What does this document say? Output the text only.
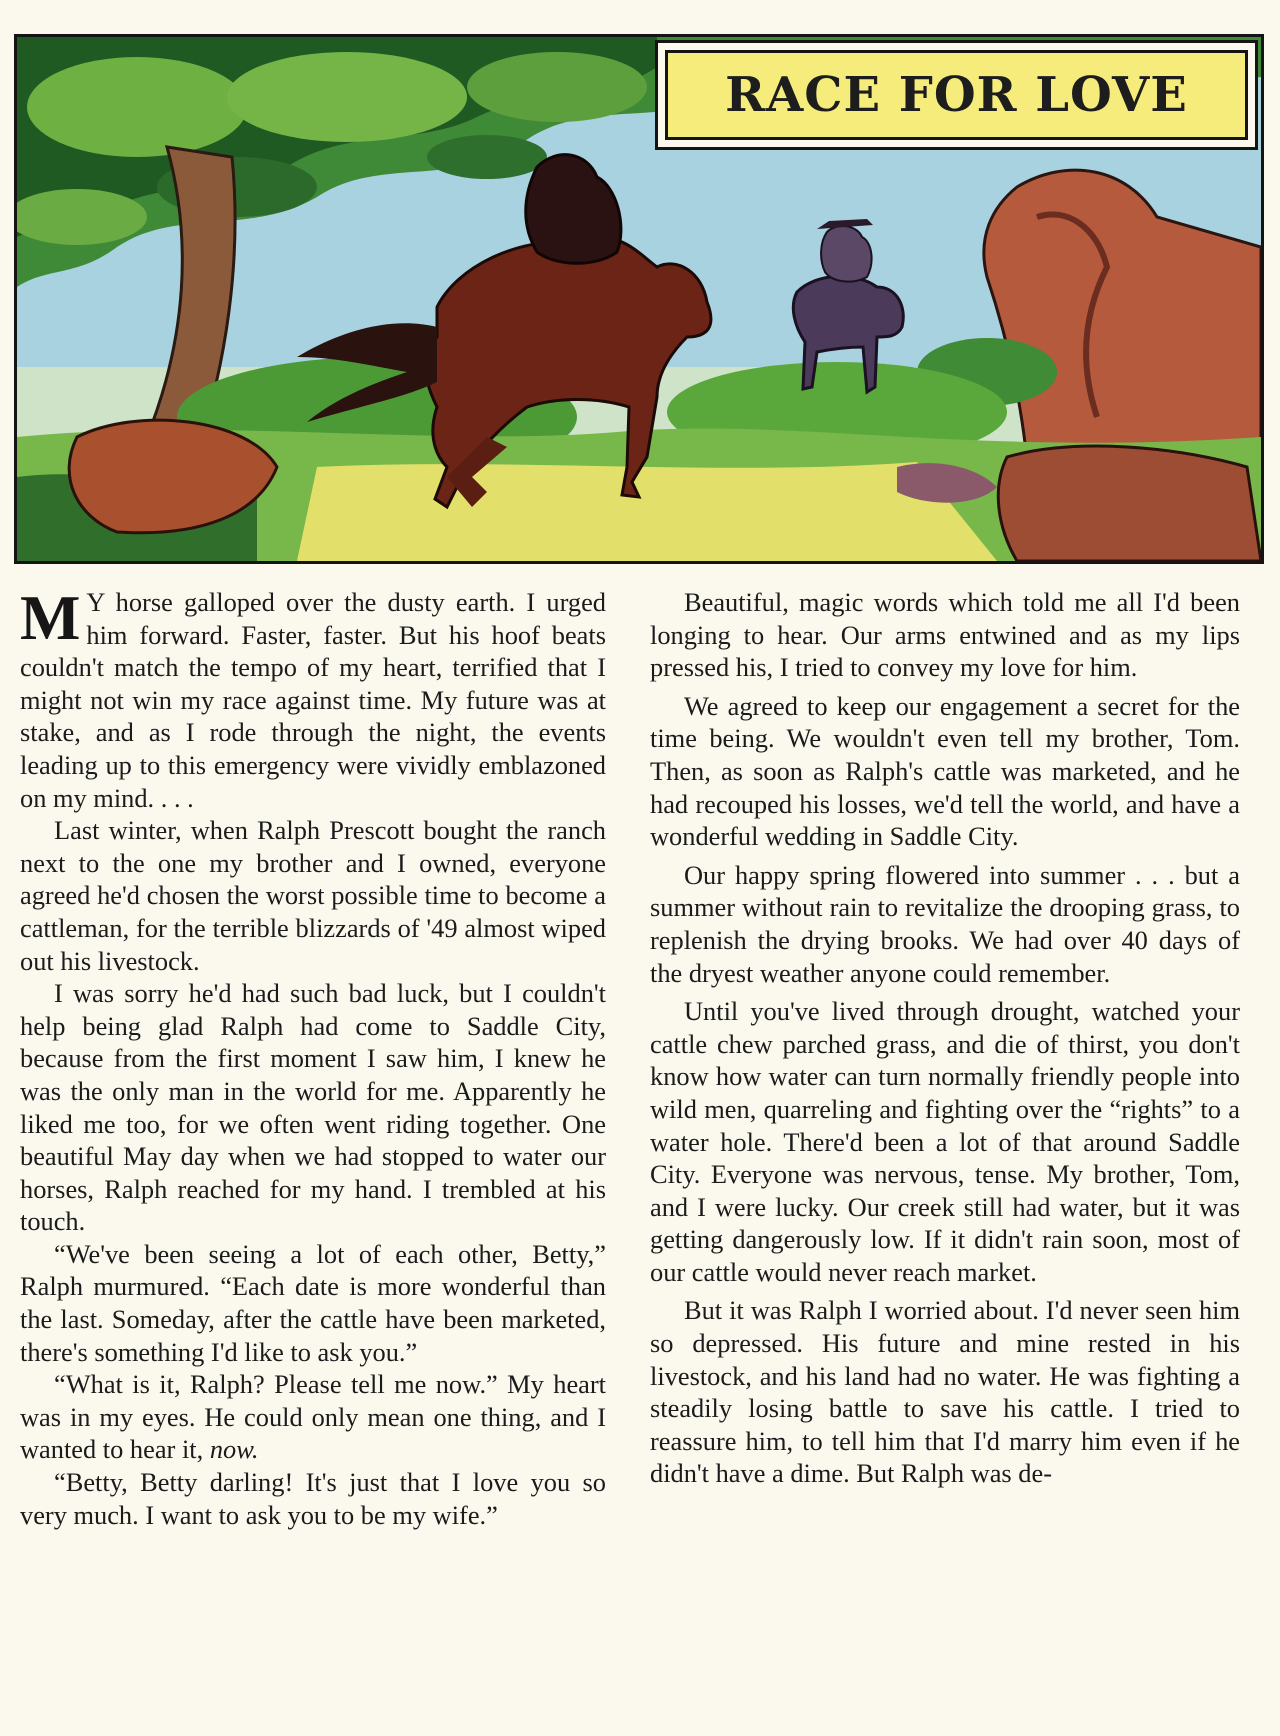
RACE FOR LOVE

M Y horse galloped over the dusty earth. I urged him forward. Faster, faster. But his hoof beats couldn't match the tempo of my heart, terrified that I might not win my race against time. My future was at stake, and as I rode through the night, the events leading up to this emergency were vividly emblazoned on my mind. . . .

Last winter, when Ralph Prescott bought the ranch next to the one my brother and I owned, everyone agreed he'd chosen the worst possible time to become a cattleman, for the terrible blizzards of '49 almost wiped out his livestock.

I was sorry he'd had such bad luck, but I couldn't help being glad Ralph had come to Saddle City, because from the first moment I saw him, I knew he was the only man in the world for me. Apparently he liked me too, for we often went riding together. One beautiful May day when we had stopped to water our horses, Ralph reached for my hand. I trembled at his touch.

“We've been seeing a lot of each other, Betty,” Ralph murmured. “Each date is more wonderful than the last. Someday, after the cattle have been marketed, there's something I'd like to ask you.”

“What is it, Ralph? Please tell me now.” My heart was in my eyes. He could only mean one thing, and I wanted to hear it, now.

“Betty, Betty darling! It's just that I love you so very much. I want to ask you to be my wife.”

Beautiful, magic words which told me all I'd been longing to hear. Our arms entwined and as my lips pressed his, I tried to convey my love for him.

We agreed to keep our engagement a secret for the time being. We wouldn't even tell my brother, Tom. Then, as soon as Ralph's cattle was marketed, and he had recouped his losses, we'd tell the world, and have a wonderful wedding in Saddle City.

Our happy spring flowered into summer . . . but a summer without rain to revitalize the drooping grass, to replenish the drying brooks. We had over 40 days of the dryest weather anyone could remember.

Until you've lived through drought, watched your cattle chew parched grass, and die of thirst, you don't know how water can turn normally friendly people into wild men, quarreling and fighting over the “rights” to a water hole. There'd been a lot of that around Saddle City. Everyone was nervous, tense. My brother, Tom, and I were lucky. Our creek still had water, but it was getting dangerously low. If it didn't rain soon, most of our cattle would never reach market.

But it was Ralph I worried about. I'd never seen him so depressed. His future and mine rested in his livestock, and his land had no water. He was fighting a steadily losing battle to save his cattle. I tried to reassure him, to tell him that I'd marry him even if he didn't have a dime. But Ralph was de-
